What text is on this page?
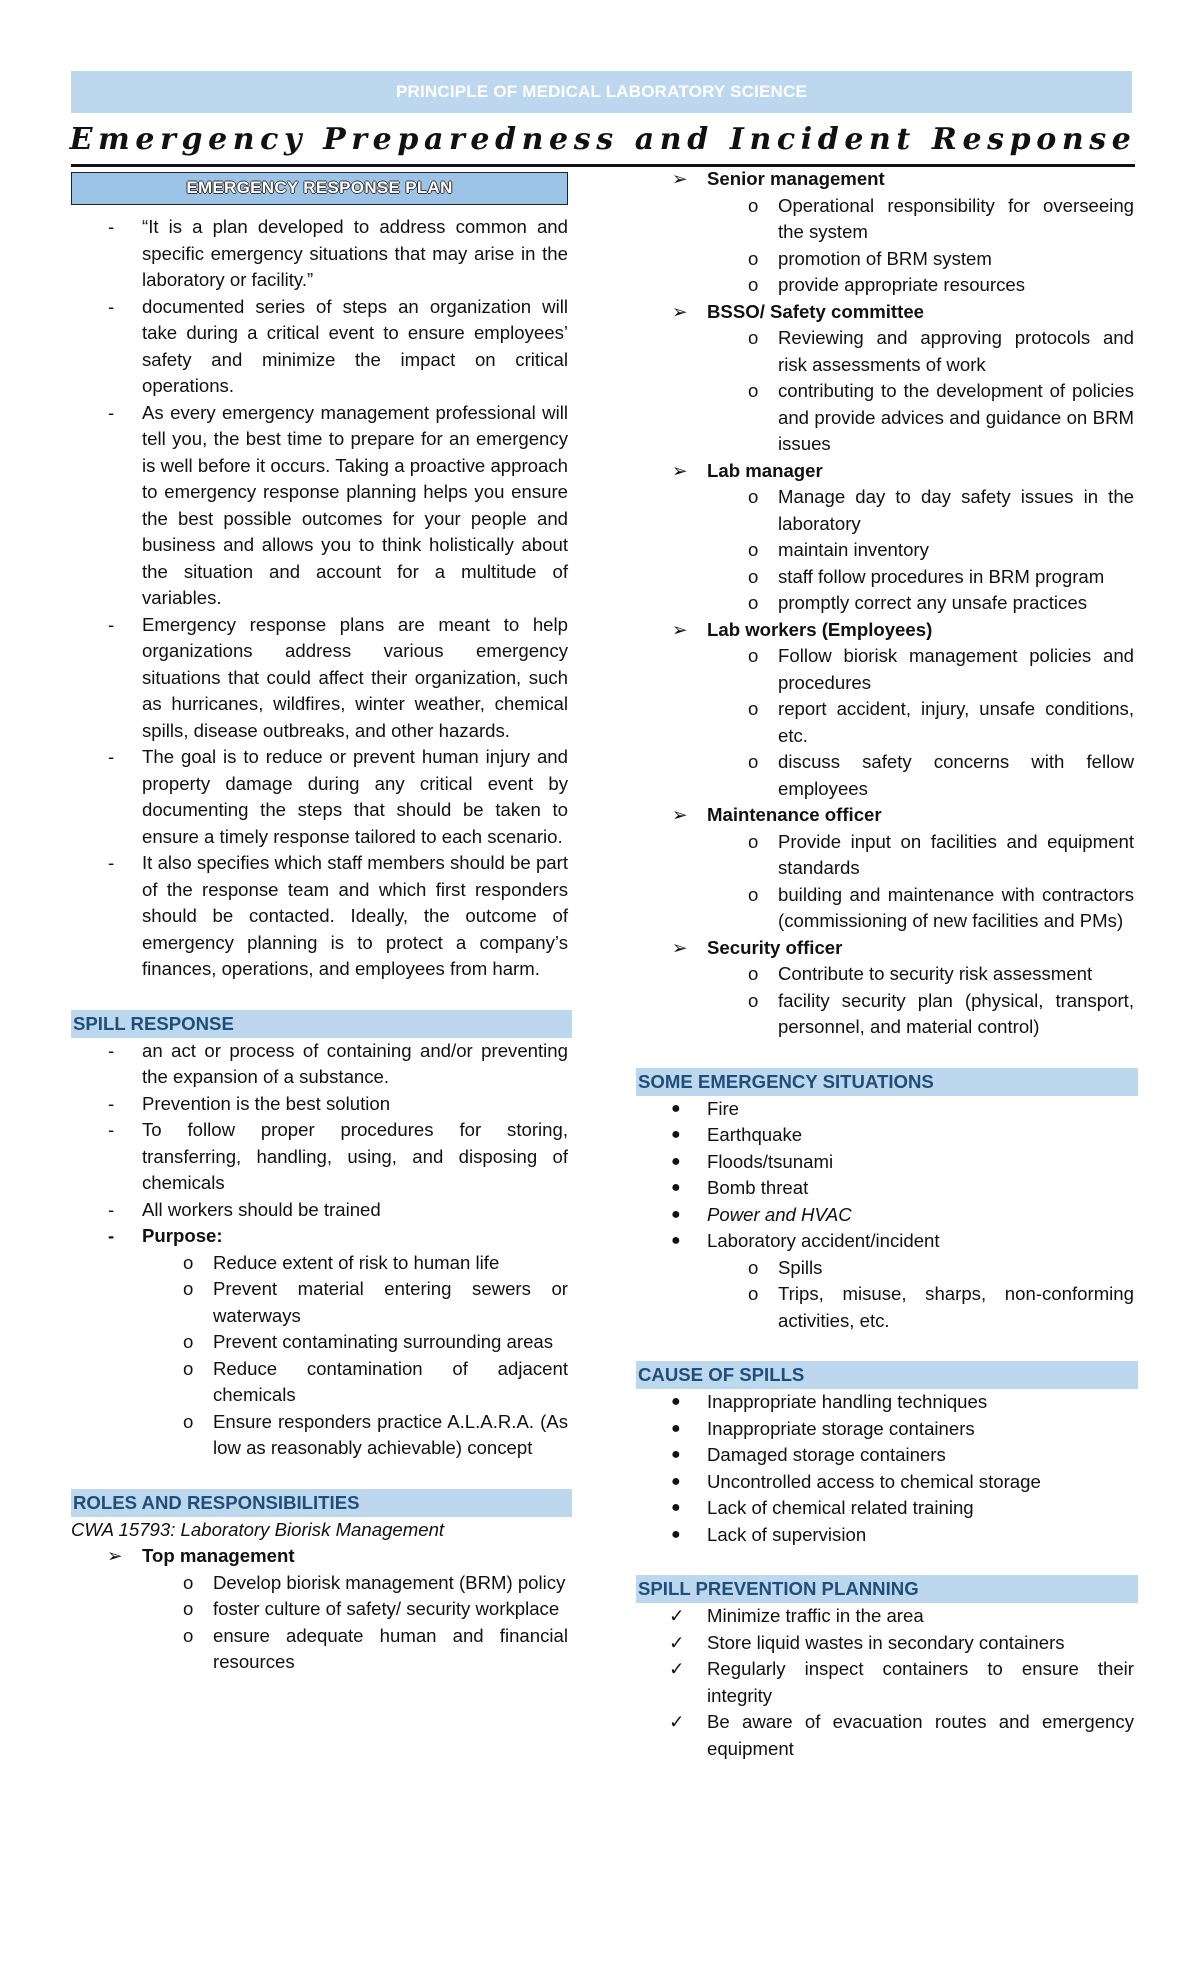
PRINCIPLE OF MEDICAL LABORATORY SCIENCE
Emergency Preparedness and Incident Response
EMERGENCY RESPONSE PLAN
- “It is a plan developed to address common and specific emergency situations that may arise in the laboratory or facility.”
- documented series of steps an organization will take during a critical event to ensure employees’ safety and minimize the impact on critical operations.
- As every emergency management professional will tell you, the best time to prepare for an emergency is well before it occurs. Taking a proactive approach to emergency response planning helps you ensure the best possible outcomes for your people and business and allows you to think holistically about the situation and account for a multitude of variables.
- Emergency response plans are meant to help organizations address various emergency situations that could affect their organization, such as hurricanes, wildfires, winter weather, chemical spills, disease outbreaks, and other hazards.
- The goal is to reduce or prevent human injury and property damage during any critical event by documenting the steps that should be taken to ensure a timely response tailored to each scenario.
- It also specifies which staff members should be part of the response team and which first responders should be contacted. Ideally, the outcome of emergency planning is to protect a company’s finances, operations, and employees from harm.
SPILL RESPONSE
- an act or process of containing and/or preventing the expansion of a substance.
- Prevention is the best solution
- To follow proper procedures for storing, transferring, handling, using, and disposing of chemicals
- All workers should be trained
- Purpose:
o Reduce extent of risk to human life
o Prevent material entering sewers or waterways
o Prevent contaminating surrounding areas
o Reduce contamination of adjacent chemicals
o Ensure responders practice A.L.A.R.A. (As low as reasonably achievable) concept
ROLES AND RESPONSIBILITIES
CWA 15793: Laboratory Biorisk Management
➢ Top management
o Develop biorisk management (BRM) policy
o foster culture of safety/ security workplace
o ensure adequate human and financial resources
➢ Senior management
o Operational responsibility for overseeing the system
o promotion of BRM system
o provide appropriate resources
➢ BSSO/ Safety committee
o Reviewing and approving protocols and risk assessments of work
o contributing to the development of policies and provide advices and guidance on BRM issues
➢ Lab manager
o Manage day to day safety issues in the laboratory
o maintain inventory
o staff follow procedures in BRM program
o promptly correct any unsafe practices
➢ Lab workers (Employees)
o Follow biorisk management policies and procedures
o report accident, injury, unsafe conditions, etc.
o discuss safety concerns with fellow employees
➢ Maintenance officer
o Provide input on facilities and equipment standards
o building and maintenance with contractors (commissioning of new facilities and PMs)
➢ Security officer
o Contribute to security risk assessment
o facility security plan (physical, transport, personnel, and material control)
SOME EMERGENCY SITUATIONS
● Fire
● Earthquake
● Floods/tsunami
● Bomb threat
● Power and HVAC
● Laboratory accident/incident
o Spills
o Trips, misuse, sharps, non-conforming activities, etc.
CAUSE OF SPILLS
● Inappropriate handling techniques
● Inappropriate storage containers
● Damaged storage containers
● Uncontrolled access to chemical storage
● Lack of chemical related training
● Lack of supervision
SPILL PREVENTION PLANNING
✓ Minimize traffic in the area
✓ Store liquid wastes in secondary containers
✓ Regularly inspect containers to ensure their integrity
✓ Be aware of evacuation routes and emergency equipment
